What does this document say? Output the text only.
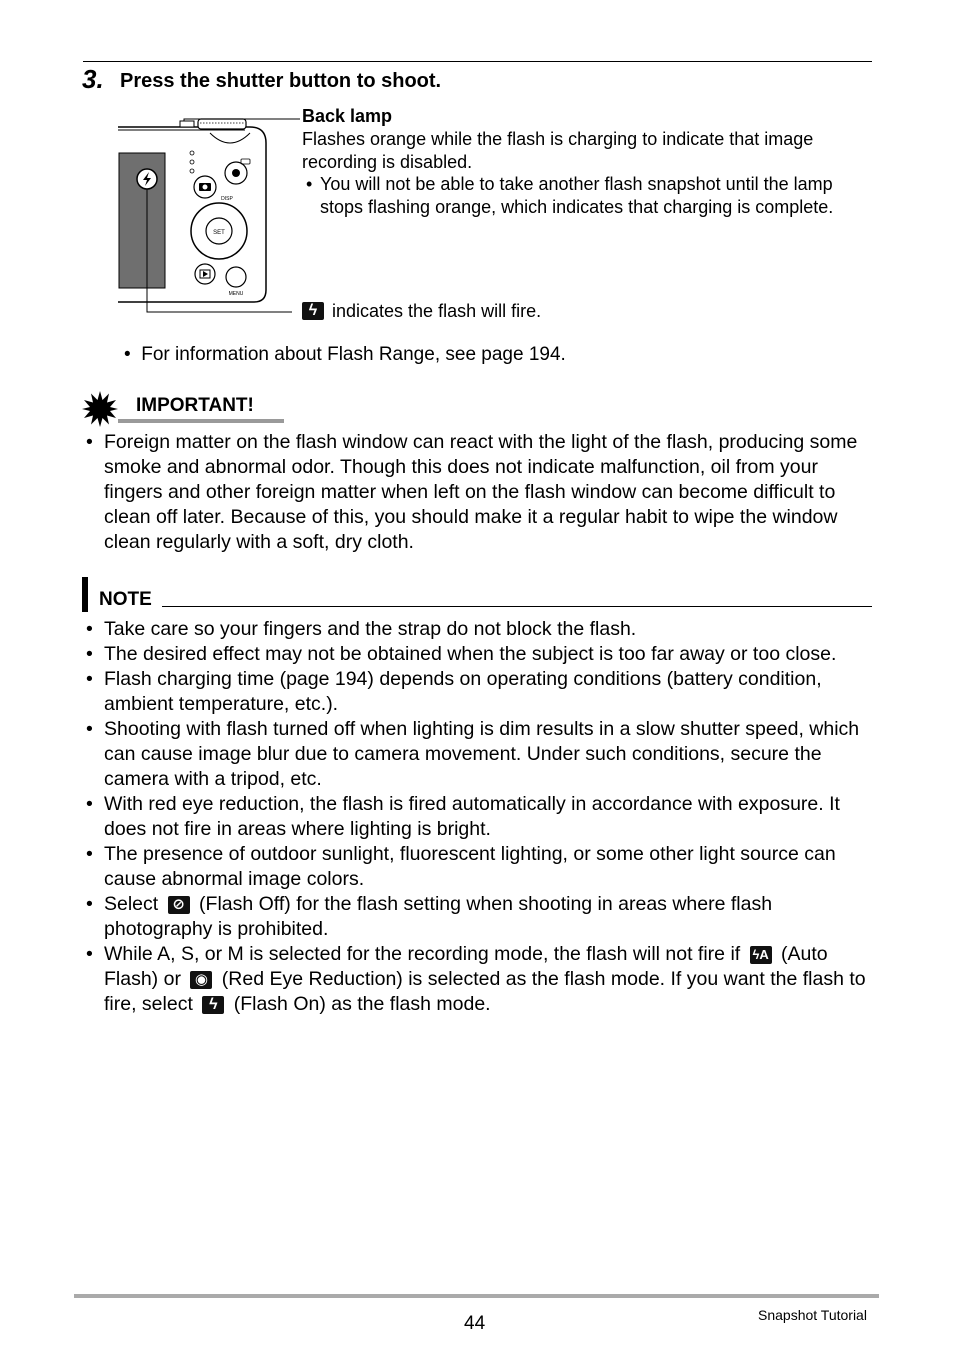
3. Press the shutter button to shoot.
SET
DISP
MENU
Back lamp
Flashes orange while the flash is charging to indicate that image recording is disabled.
• You will not be able to take another flash snapshot until the lamp stops flashing orange, which indicates that charging is complete.
ϟ
indicates the flash will fire.
•  For information about Flash Range, see page 194.
IMPORTANT!
• Foreign matter on the flash window can react with the light of the flash, producing some smoke and abnormal odor. Though this does not indicate malfunction, oil from your fingers and other foreign matter when left on the flash window can become difficult to clean off later. Because of this, you should make it a regular habit to wipe the window clean regularly with a soft, dry cloth.
NOTE
• Take care so your fingers and the strap do not block the flash.
• The desired effect may not be obtained when the subject is too far away or too close.
• Flash charging time (page 194) depends on operating conditions (battery condition, ambient temperature, etc.).
• Shooting with flash turned off when lighting is dim results in a slow shutter speed, which can cause image blur due to camera movement. Under such conditions, secure the camera with a tripod, etc.
• With red eye reduction, the flash is fired automatically in accordance with exposure. It does not fire in areas where lighting is bright.
• The presence of outdoor sunlight, fluorescent lighting, or some other light source can cause abnormal image colors.
• Select ⊘ (Flash Off) for the flash setting when shooting in areas where flash photography is prohibited.
• While A, S, or M is selected for the recording mode, the flash will not fire if ϟA (Auto Flash) or ◉ (Red Eye Reduction) is selected as the flash mode. If you want the flash to fire, select ϟ (Flash On) as the flash mode.
44	Snapshot Tutorial
